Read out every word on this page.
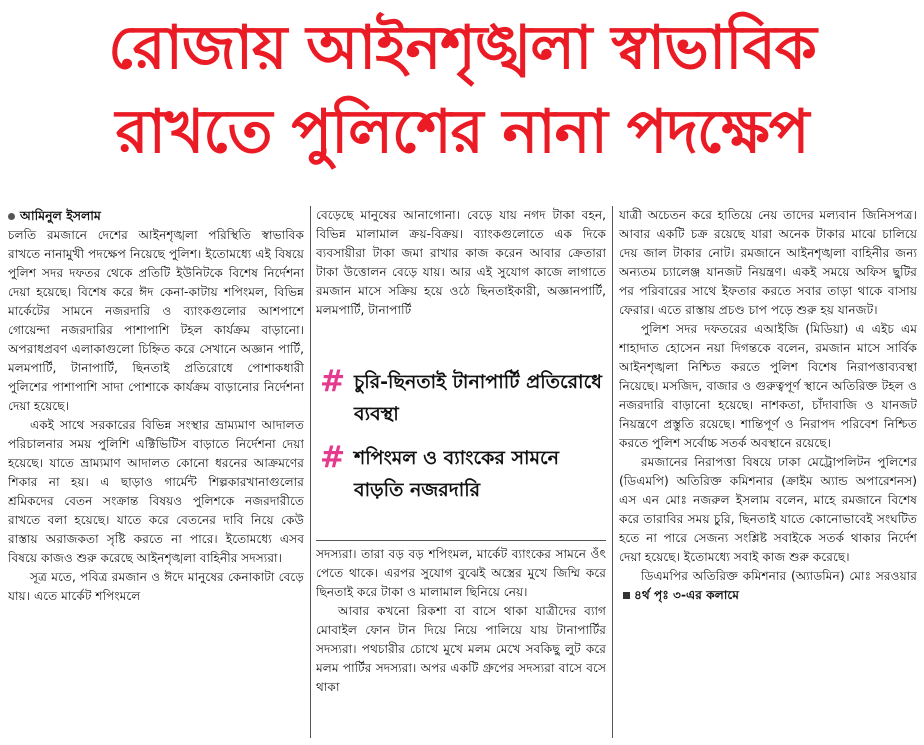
রোজায় আইনশৃঙ্খলা স্বাভাবিক
রাখতে পুলিশের নানা পদক্ষেপ
আমিনুল ইসলাম

চলতি রমজানে দেশের আইনশৃঙ্খলা পরিস্থিতি স্বাভাবিক রাখতে নানামুখী পদক্ষেপ নিয়েছে পুলিশ। ইতোমধ্যে এই বিষয়ে পুলিশ সদর দফতর থেকে প্রতিটি ইউনিটকে বিশেষ নির্দেশনা দেয়া হয়েছে। বিশেষ করে ঈদ কেনা-কাটায় শপিংমল, বিভিন্ন মার্কেটের সামনে নজরদারি ও ব্যাংকগুলোর আশপাশে গোয়েন্দা নজরদারির পাশাপাশি টহল কার্যক্রম বাড়ানো। অপরাধপ্রবণ এলাকাগুলো চিহ্নিত করে সেখানে অজ্ঞান পার্টি, মলমপার্টি, টানাপার্টি, ছিনতাই প্রতিরোধে পোশাকধারী পুলিশের পাশাপাশি সাদা পোশাকে কার্যক্রম বাড়ানোর নির্দেশনা দেয়া হয়েছে।

একই সাথে সরকারের বিভিন্ন সংস্থার ভ্রাম্যমাণ আদালত পরিচালনার সময় পুলিশি এক্টিভিটিস বাড়াতে নির্দেশনা দেয়া হয়েছে। যাতে ভ্রাম্যমাণ আদালত কোনো ধরনের আক্রমণের শিকার না হয়। এ ছাড়াও গার্মেন্ট শিল্পকারখানাগুলোর শ্রমিকদের বেতন সংক্রান্ত বিষয়ও পুলিশকে নজরদারীতে রাখতে বলা হয়েছে। যাতে করে বেতনের দাবি নিয়ে কেউ রাস্তায় অরাজকতা সৃষ্টি করতে না পারে। ইতোমধ্যে এসব বিষয়ে কাজও শুরু করেছে আইনশৃঙ্খলা বাহিনীর সদস্যরা।

সূত্র মতে, পবিত্র রমজান ও ঈদে মানুষের কেনাকাটা বেড়ে যায়। এতে মার্কেট শপিংমলে

বেড়েছে মানুষের আনাগোনা। বেড়ে যায় নগদ টাকা বহন, বিভিন্ন মালামাল ক্রয়-বিক্রয়। ব্যাংকগুলোতে এক দিকে ব্যবসায়ীরা টাকা জমা রাখার কাজ করেন আবার ক্রেতারা টাকা উত্তোলন বেড়ে যায়। আর এই সুযোগ কাজে লাগাতে রমজান মাসে সক্রিয় হয়ে ওঠে ছিনতাইকারী, অজ্ঞানপার্টি, মলমপার্টি, টানাপার্টি

# চুরি-ছিনতাই টানাপার্টি প্রতিরোধে ব্যবস্থা
# শপিংমল ও ব্যাংকের সামনে বাড়তি নজরদারি

সদস্যরা। তারা বড় বড় শপিংমল, মার্কেট ব্যাংকের সামনে ওঁৎ পেতে থাকে। এরপর সুযোগ বুঝেই অস্ত্রের মুখে জিম্মি করে ছিনতাই করে টাকা ও মালামাল ছিনিয়ে নেয়।

আবার কখনো রিকশা বা বাসে থাকা যাত্রীদের ব্যাগ মোবাইল ফোন টান দিয়ে নিয়ে পালিয়ে যায় টানাপার্টির সদস্যরা। পথচারীর চোখে মুখে মলম মেখে সবকিছু লুট করে মলম পার্টির সদস্যরা। অপর একটি গ্রুপের সদস্যরা বাসে বসে থাকা

যাত্রী অচেতন করে হাতিয়ে নেয় তাদের মল্যবান জিনিসপত্র। আবার একটি চক্র রয়েছে যারা অনেক টাকার মাঝে চালিয়ে দেয় জাল টাকার নোট। রমজানে আইনশৃঙ্খলা বাহিনীর জন্য অন্যতম চ্যালেঞ্জ যানজট নিয়ন্ত্রণ। একই সময়ে অফিস ছুটির পর পরিবারের সাথে ইফতার করতে সবার তাড়া থাকে বাসায় ফেরার। এতে রাস্তায় প্রচণ্ড চাপ পড়ে শুরু হয় যানজট।

পুলিশ সদর দফতরের এআইজি (মিডিয়া) এ এইচ এম শাহাদাত হোসেন নয়া দিগন্তকে বলেন, রমজান মাসে সার্বিক আইনশৃঙ্খলা নিশ্চিত করতে পুলিশ বিশেষ নিরাপত্তাব্যবস্থা নিয়েছে। মসজিদ, বাজার ও গুরুত্বপূর্ণ স্থানে অতিরিক্ত টহল ও নজরদারি বাড়ানো হয়েছে। নাশকতা, চাঁদাবাজি ও যানজট নিয়ন্ত্রণে প্রস্তুতি রয়েছে। শান্তিপূর্ণ ও নিরাপদ পরিবেশ নিশ্চিত করতে পুলিশ সর্বোচ্চ সতর্ক অবস্থানে রয়েছে।

রমজানের নিরাপত্তা বিষয়ে ঢাকা মেট্রোপলিটন পুলিশের (ডিএমপি) অতিরিক্ত কমিশনার (ক্রাইম অ্যান্ড অপারেশনস) এস এন মোঃ নজরুল ইসলাম বলেন, মাহে রমজানে বিশেষ করে তারাবির সময় চুরি, ছিনতাই যাতে কোনোভাবেই সংঘটিত হতে না পারে সেজন্য সংশ্লিষ্ট সবাইকে সতর্ক থাকার নির্দেশ দেয়া হয়েছে। ইতোমধ্যে সবাই কাজ শুরু করেছে।

ডিএমপির অতিরিক্ত কমিশনার (অ্যাডমিন) মোঃ সরওয়ার ৪র্থ পৃঃ ৩-এর কলামে
